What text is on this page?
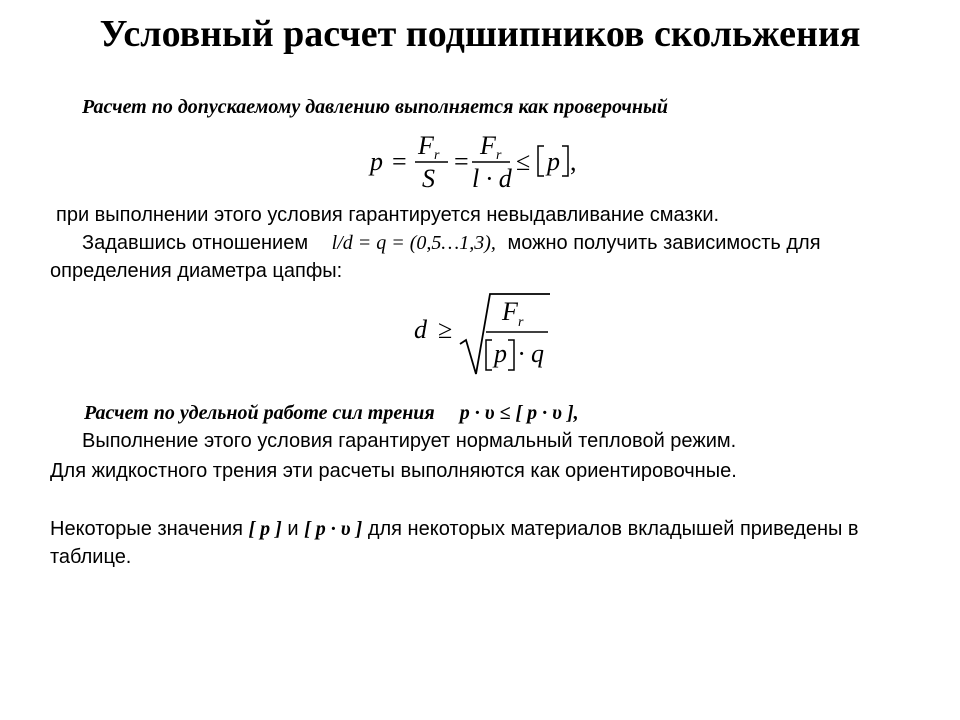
Условный расчет подшипников скольжения
Расчет по допускаемому давлению выполняется как проверочный
p =
F r
S
=
F r
l · d
≤ p ,
при выполнении этого условия гарантируется невыдавливание смазки.
Задавшись отношением l/d = q = (0,5…1,3), можно получить зависимость для
определения диаметра цапфы:
d ≥
F r
p · q
Расчет по удельной работе сил трения p · υ ≤ [ p · υ ],
Выполнение этого условия гарантирует нормальный тепловой режим.
Для жидкостного трения эти расчеты выполняются как ориентировочные.
Некоторые значения [ p ] и [ p · υ ] для некоторых материалов вкладышей приведены в
таблице.
